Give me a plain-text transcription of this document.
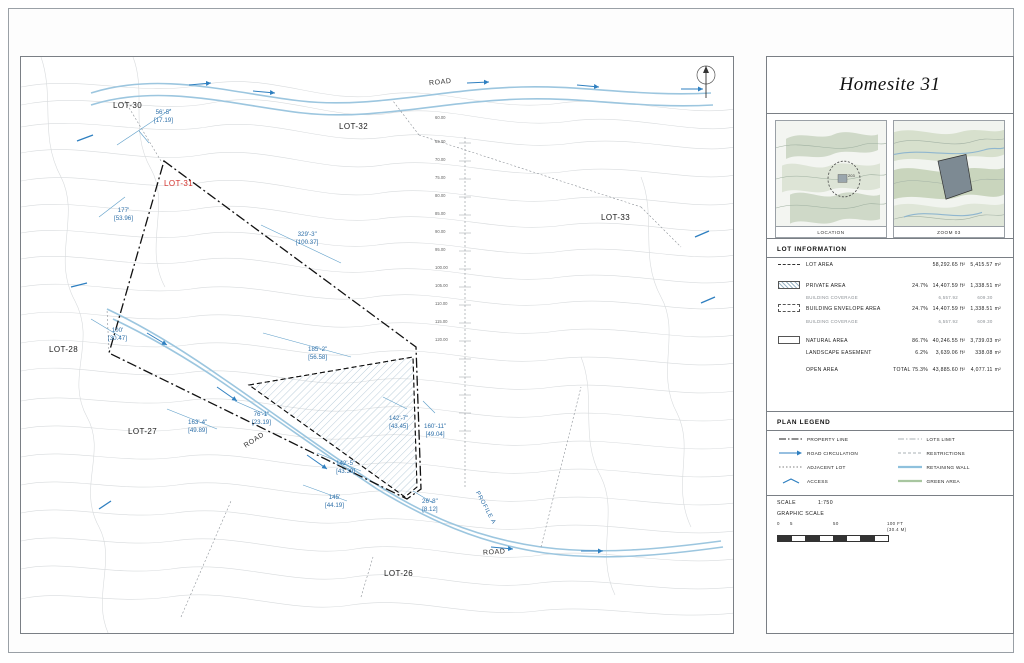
LOT-30
LOT-32
LOT-33
LOT-28
LOT-27
LOT-26
LOT-31
ROAD
ROAD
ROAD
PROFILE A
56'-5"
[17.19]
177'
[53.96]
329'-3"
[100.37]
100'
[30.47]
185'-2"
[56.58]
163'-4"
[49.89]
76'-1"
[23.19]
142'-7"
[43.45]	160'-11"
[49.04]
142'-5"
[43.39]
145'
[44.19]
26'-8"
[8.12]
60.00
65.00
70.00
75.00
80.00
85.00
90.00
95.00
100.00
105.00
110.00
115.00
120.00
Homesite 31
LOCATION
203
ZOOM 03
LOT INFORMATION
	LOT AREA		58,292.65	ft²	5,415.57	m²

	PRIVATE AREA	24.7%	14,407.59	ft²	1,338.51	m²
	BUILDING COVERAGE		6,557.92		609.30	
	BUILDING ENVELOPE AREA	24.7%	14,407.59	ft²	1,338.51	m²
	BUILDING COVERAGE		6,557.92		609.30	

	NATURAL AREA	86.7%	40,246.55	ft²	3,739.03	m²
	LANDSCAPE EASEMENT	6.2%	3,639.06	ft²	338.08	m²

	OPEN AREA	TOTAL 75.3%	43,885.60	ft²	4,077.11	m²
PLAN LEGEND
	PROPERTY LINE		LOTS LIMIT
	ROAD CIRCULATION		RESTRICTIONS
	ADJACENT LOT		RETAINING WALL
	ACCESS		GREEN AREA
SCALE	1:750
GRAPHIC SCALE
0 5	50	100 FT
(30.4 M)
